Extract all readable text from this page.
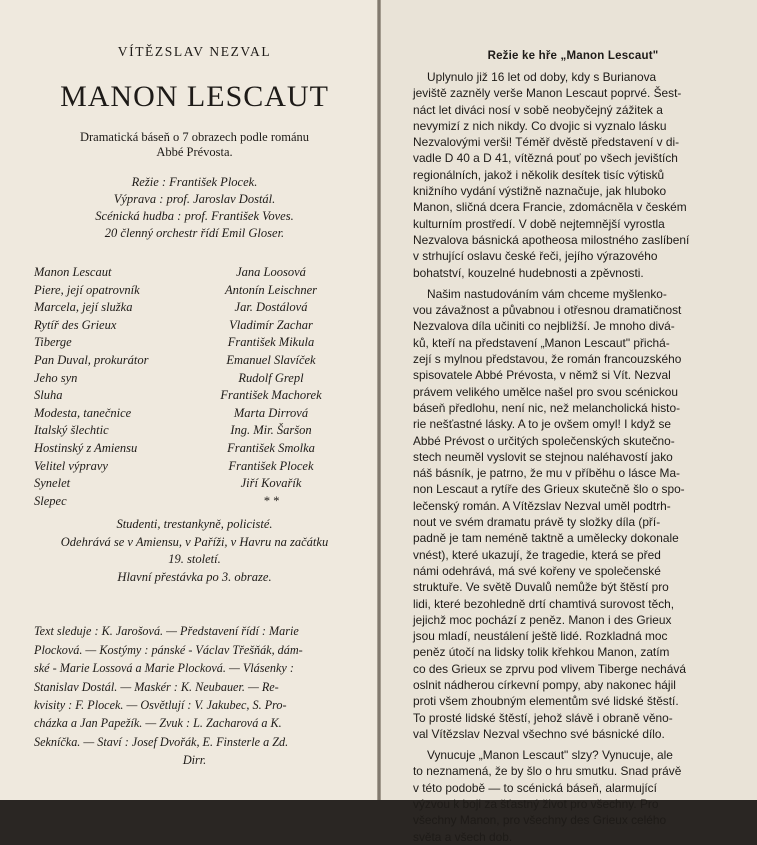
VÍTĚZSLAV NEZVAL
MANON LESCAUT
Dramatická báseň o 7 obrazech podle románu
Abbé Prévosta.
Režie : František Plocek.
Výprava : prof. Jaroslav Dostál.
Scénická hudba : prof. František Voves.
20 členný orchestr řídí Emil Gloser.
Manon Lescaut	Jana Loosová
Piere, její opatrovník	Antonín Leischner
Marcela, její služka	Jar. Dostálová
Rytíř des Grieux	Vladimír Zachar
Tiberge	František Mikula
Pan Duval, prokurátor	Emanuel Slavíček
Jeho syn	Rudolf Grepl
Sluha	František Machorek
Modesta, tanečnice	Marta Dirrová
Italský šlechtic	Ing. Mir. Šaršon
Hostinský z Amiensu	František Smolka
Velitel výpravy	František Plocek
Synelet	Jiří Kovařík
Slepec	* *
Studenti, trestankyně, policisté.
Odehrává se v Amiensu, v Paříži, v Havru na začátku
19. století.
Hlavní přestávka po 3. obraze.
Text sleduje : K. Jarošová. — Představení řídí : Marie
Plocková. — Kostýmy : pánské - Václav Třešňák, dám-
ské - Marie Lossová a Marie Plocková. — Vlásenky :
Stanislav Dostál. — Maskér : K. Neubauer. — Re-
kvisity : F. Plocek. — Osvětlují : V. Jakubec, S. Pro-
cházka a Jan Papežík. — Zvuk : L. Zacharová a K.
Sekníčka. — Staví : Josef Dvořák, E. Finsterle a Zd.
Dirr.
Režie ke hře „Manon Lescaut"
Uplynulo již 16 let od doby, kdy s Burianova
jeviště zazněly verše Manon Lescaut poprvé. Šest-
náct let diváci nosí v sobě neobyčejný zážitek a
nevymizí z nich nikdy. Co dvojic si vyznalo lásku
Nezvalovými verši! Téměř dvěstě představení v di-
vadle D 40 a D 41, vítězná pouť po všech jevištích
regionálních, jakož i několik desítek tisíc výtisků
knižního vydání výstižně naznačuje, jak hluboko
Manon, sličná dcera Francie, zdomácněla v českém
kulturním prostředí. V době nejtemnější vyrostla
Nezvalova básnická apotheosa milostného zaslíbení
v strhující oslavu české řeči, jejího výrazového
bohatství, kouzelné hudebnosti a zpěvnosti.
Našim nastudováním vám chceme myšlenko-
vou závažnost a půvabnou i otřesnou dramatičnost
Nezvalova díla učiniti co nejbližší. Je mnoho divá-
ků, kteří na představení „Manon Lescaut" přichá-
zejí s mylnou představou, že román francouzského
spisovatele Abbé Prévosta, v němž si Vít. Nezval
právem velikého umělce našel pro svou scénickou
báseň předlohu, není nic, než melancholická histo-
rie nešťastné lásky. A to je ovšem omyl! I když se
Abbé Prévost o určitých společenských skutečno-
stech neuměl vyslovit se stejnou naléhavostí jako
náš básník, je patrno, že mu v příběhu o lásce Ma-
non Lescaut a rytíře des Grieux skutečně šlo o spo-
lečenský román. A Vítězslav Nezval uměl podtrh-
nout ve svém dramatu právě ty složky díla (pří-
padně je tam neméně taktně a umělecky dokonale
vnést), které ukazují, že tragedie, která se před
námi odehrává, má své kořeny ve společenské
struktuře. Ve světě Duvalů nemůže být štěstí pro
lidi, které bezohledně drtí chamtivá surovost těch,
jejichž moc pochází z peněz. Manon i des Grieux
jsou mladí, neustálení ještě lidé. Rozkladná moc
peněz útočí na lidsky tolik křehkou Manon, zatím
co des Grieux se zprvu pod vlivem Tiberge nechává
oslnit nádherou církevní pompy, aby nakonec hájil
proti všem zhoubným elementům své lidské štěstí.
To prosté lidské štěstí, jehož slávě i obraně věno-
val Vítězslav Nezval všechno své básnické dílo.
Vynucuje „Manon Lescaut" slzy? Vynucuje, ale
to neznamená, že by šlo o hru smutku. Snad právě
v této podobě — to scénická báseň, alarmující
výzvou k boji za šťastný život pro všechny. Pro
všechny Manon, pro všechny des Grieux celého
světa a všech dob.
